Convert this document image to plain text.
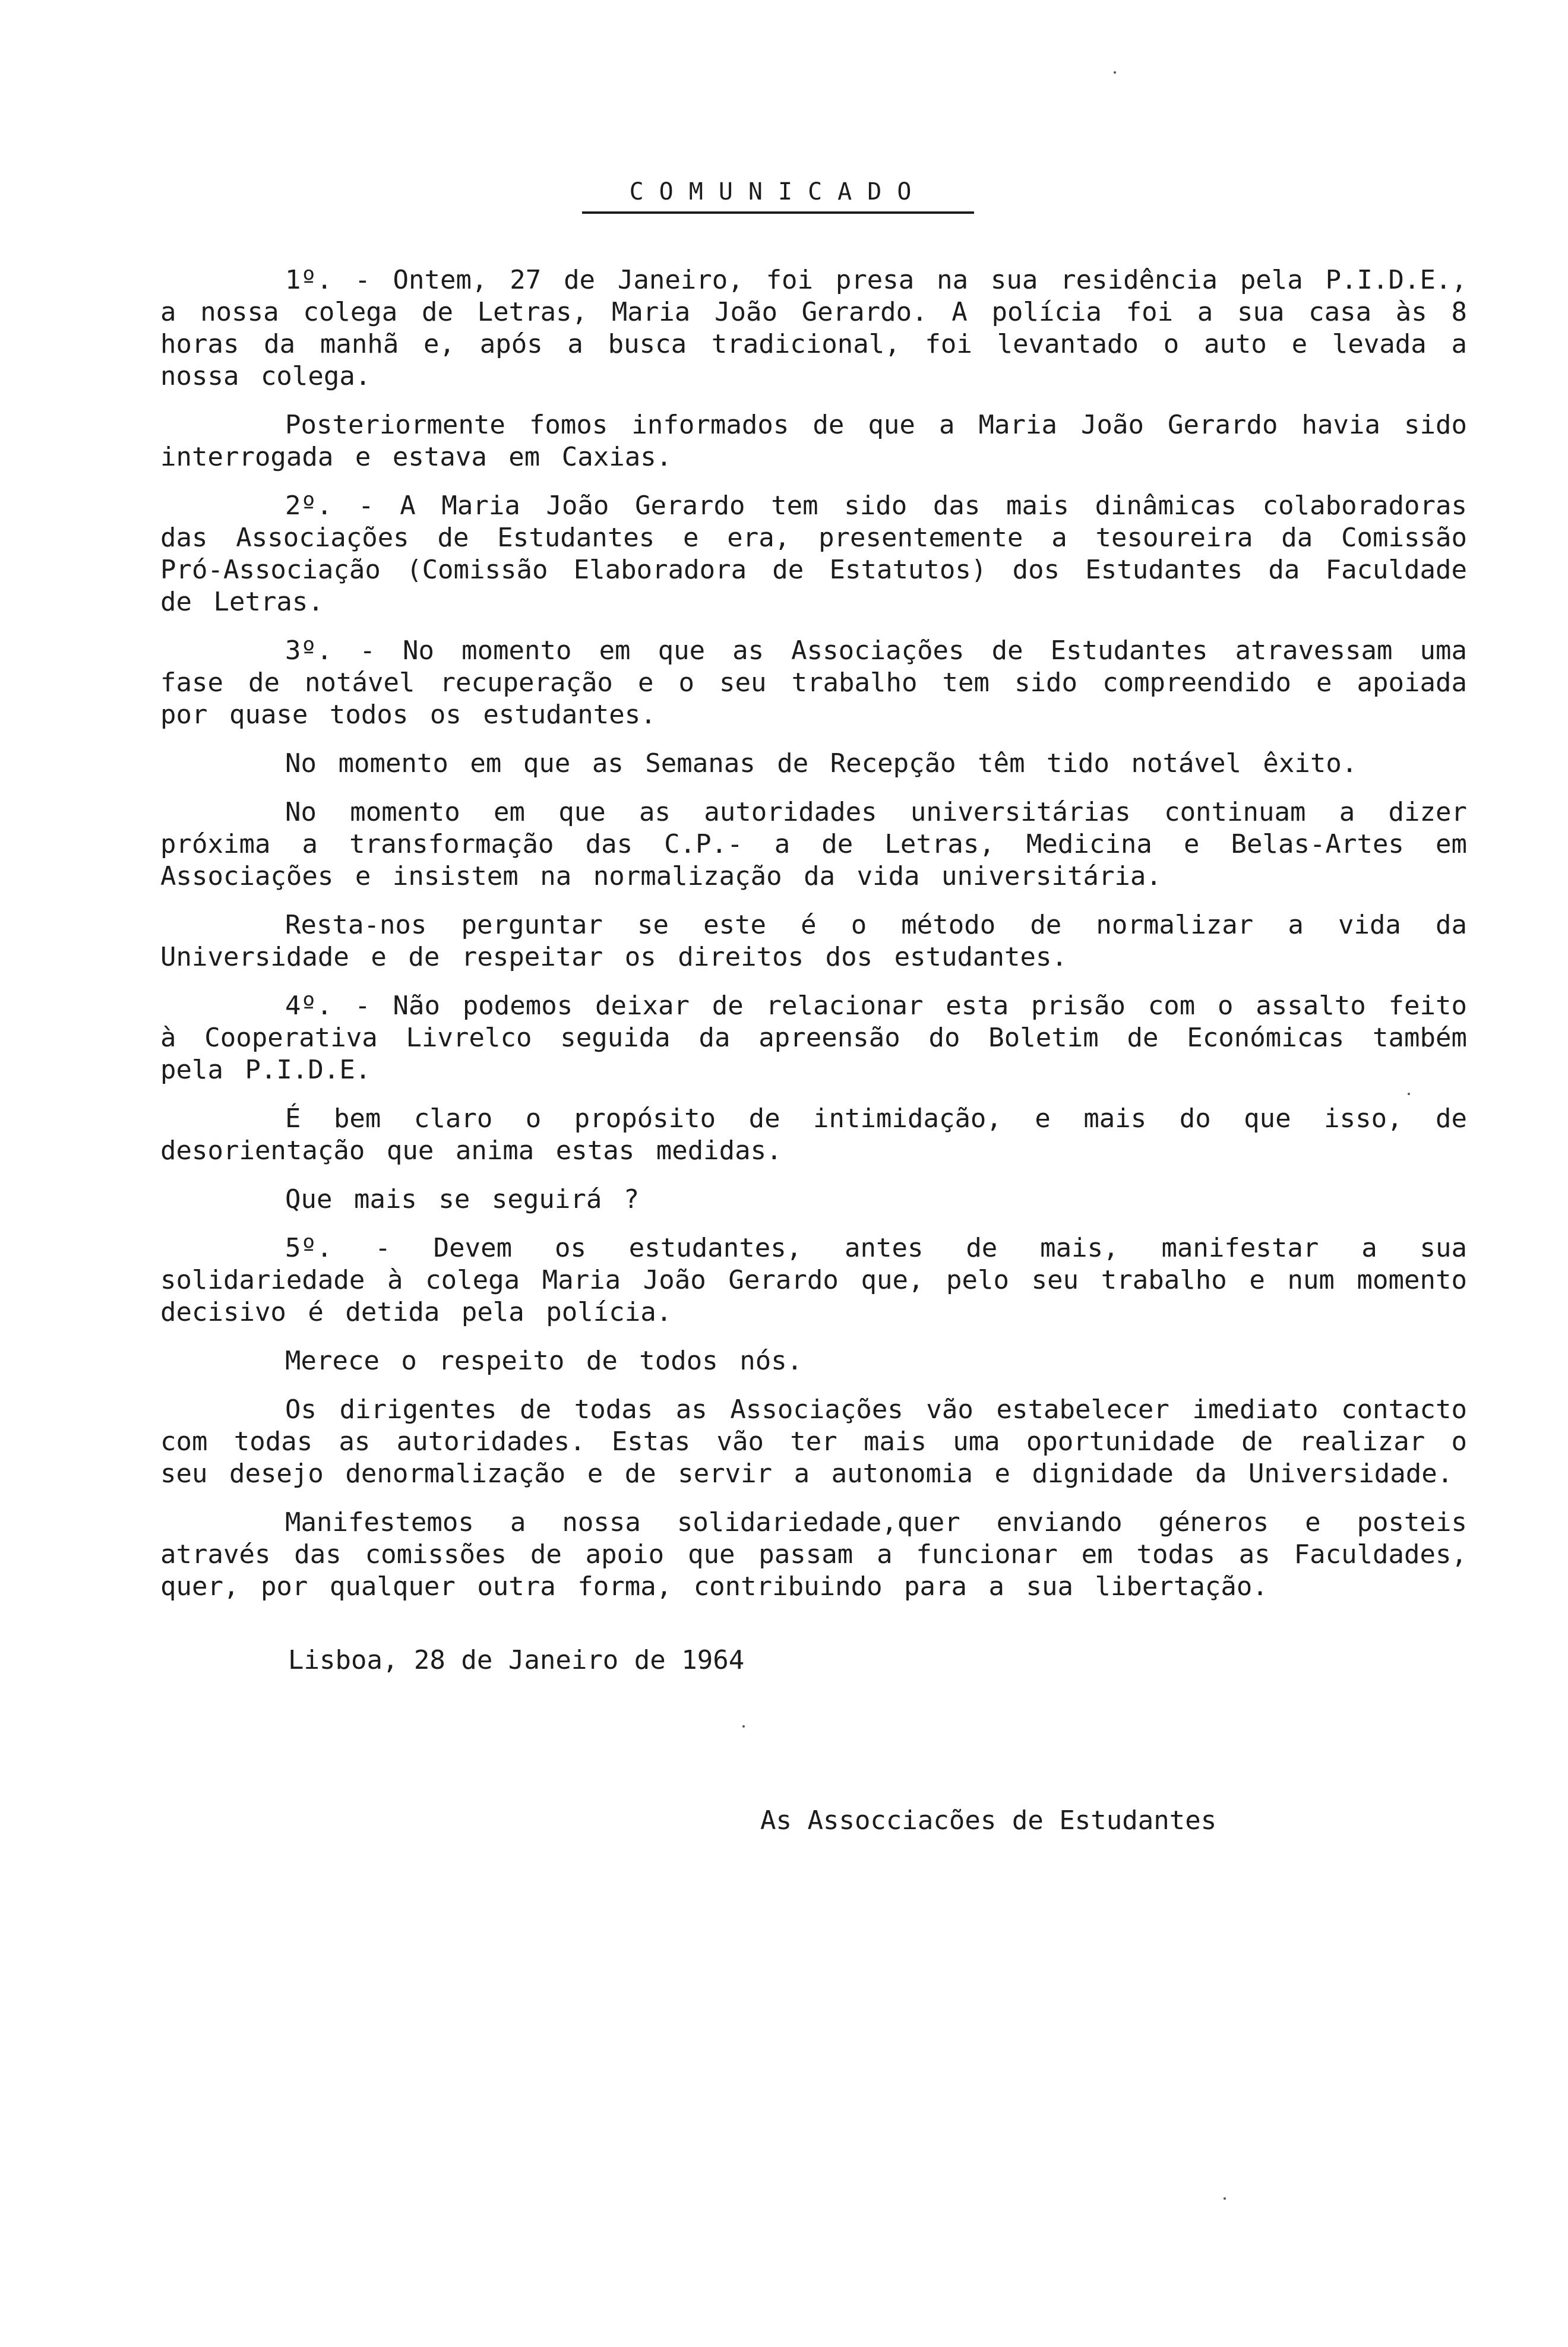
COMUNICADO

1º. - Ontem, 27 de Janeiro, foi presa na sua residência pela P.I.D.E., a nossa colega de Letras, Maria João Gerardo. A polícia foi a sua casa às 8 horas da manhã e, após a busca tradicional, foi levantado o auto e levada a nossa colega.

Posteriormente fomos informados de que a Maria João Gerardo havia sido interrogada e estava em Caxias.

2º. - A Maria João Gerardo tem sido das mais dinâmicas colaboradoras das Associações de Estudantes e era, presentemente a tesoureira da Comissão Pró-Associação (Comissão Elaboradora de Estatutos) dos Estudantes da Faculdade de Letras.

3º. - No momento em que as Associações de Estudantes atravessam uma fase de notável recuperação e o seu trabalho tem sido compreendido e apoiada por quase todos os estudantes.

No momento em que as Semanas de Recepção têm tido notável êxito.

No momento em que as autoridades universitárias continuam a dizer próxima a transformação das C.P.- a de Letras, Medicina e Belas-Artes em Associações e insistem na normalização da vida universitária.

Resta-nos perguntar se este é o método de normalizar a vida da Universidade e de respeitar os direitos dos estudantes.

4º. - Não podemos deixar de relacionar esta prisão com o assalto feito à Cooperativa Livrelco seguida da apreensão do Boletim de Económicas também pela P.I.D.E.

É bem claro o propósito de intimidação, e mais do que isso, de desorientação que anima estas medidas.

Que mais se seguirá ?

5º. - Devem os estudantes, antes de mais, manifestar a sua solidariedade à colega Maria João Gerardo que, pelo seu trabalho e num momento decisivo é detida pela polícia.

Merece o respeito de todos nós.

Os dirigentes de todas as Associações vão estabelecer imediato contacto com todas as autoridades. Estas vão ter mais uma oportunidade de realizar o seu desejo denormalização e de servir a autonomia e dignidade da Universidade.

Manifestemos a nossa solidariedade,quer enviando géneros e posteis através das comissões de apoio que passam a funcionar em todas as Faculdades, quer, por qualquer outra forma, contribuindo para a sua libertação.

Lisboa, 28 de Janeiro de 1964
As Assocciacões de Estudantes
